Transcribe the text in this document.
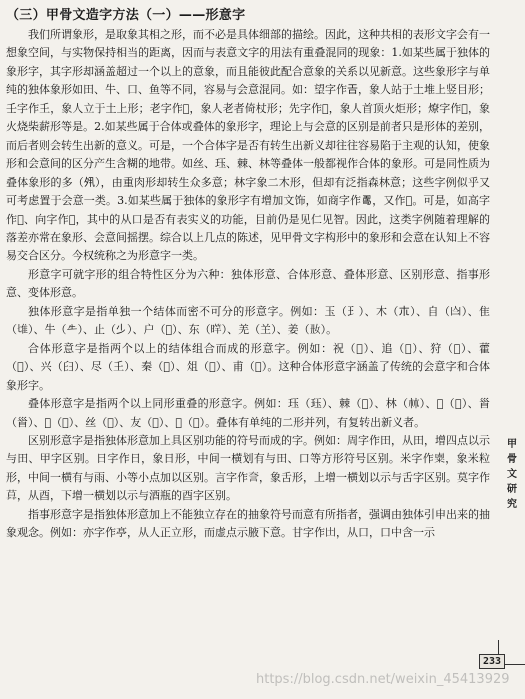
（三）甲骨文造字方法（一）——形意字

我们所谓象形，是取象其相之形，而不必是具体细部的描绘。因此，这种共相的表形文字会有一想象空间，与实物保持相当的距离，因而与表意文字的用法有重叠混同的现象：1.如某些属于独体的象形字，其字形却涵盖超过一个以上的意象，而且能彼此配合意象的关系以见新意。这些象形字与单纯的独体象形如田、牛、口、鱼等不同，容易与会意混同。如：望字作𢀛，象人站于土堆上竖目形；壬字作𡈼，象人立于土上形；老字作𦒳，象人老者倚杖形；先字作𡕫，象人首顶火炬形；燎字作𤊹，象火烧柴薪形等是。2.如某些属于合体或叠体的象形字，理论上与会意的区别是前者只是形体的差别，而后者则会转生出新的意义。可是，一个合体字是否有转生出新义却往往容易陷于主观的认知，使象形和会意间的区分产生含糊的地带。如丝、珏、棘、林等叠体一般都视作合体的象形。可是同性质为叠体象形的多（𡖊），由重肉形却转生众多意；林字象二木形，但却有泛指森林意；这些字例似乎又可考虑置于会意一类。3.如某些属于独体的象形字有增加文饰，如商字作𠷎，又作𫝀。可是，如高字作𩫏、向字作𡆥，其中的从口是否有表实义的功能，目前仍是见仁见智。因此，这类字例随着理解的落差亦常在象形、会意间摇摆。综合以上几点的陈述，见甲骨文字构形中的象形和会意在认知上不容易交合区分。今权统称之为形意字一类。

形意字可就字形的组合特性区分为六种：独体形意、合体形意、叠体形意、区别形意、指事形意、变体形意。

独体形意字是指单独一个结体而密不可分的形意字。例如：玉（𤣩）、木（𣎳）、自（𦣹）、隹（𨾅）、牛（𠂒）、止（𣥂）、户（𢨭）、东（𣈨）、羌（𦍌）、姜（𡚽）。

合体形意字是指两个以上的结体组合而成的形意字。例如：祝（𥙶）、追（𢓊）、狩（𤜻）、藿（𦳋）、兴（𦥑）、尽（𡈼）、秦（𥞫）、俎（𠑹）、甫（𤰈）。这种合体形意字涵盖了传统的会意字和合体象形字。

叠体形意字是指两个以上同形重叠的形意字。例如：珏（𤤴）、棘（𣗥）、林（𣏟）、𤕬（𣗱）、𩠐（𩠐）、𧏡（𧏡）、丝（𢆶）、友（𠭖）、𥟬（𥟬）。叠体有单纯的二形并列，有复转出新义者。

区别形意字是指独体形意加上具区别功能的符号而成的字。例如：周字作田，从田，增四点以示与田、甲字区别。日字作日，象日形，中间一横划有与田、口等方形符号区别。米字作𥻆，象米粒形，中间一横有与雨、小等小点加以区别。言字作𧥢，象舌形，上增一横划以示与舌字区别。莫字作𦱤，从酉，下增一横划以示与酒瓶的酉字区别。

指事形意字是指独体形意加上不能独立存在的抽象符号而意有所指者，强调由独体引申出来的抽象观念。例如：亦字作𠅘，从人正立形，而虚点示腋下意。甘字作𠙷，从口，口中含一示

甲
骨
文
研
究
233
https://blog.csdn.net/weixin_45413929
